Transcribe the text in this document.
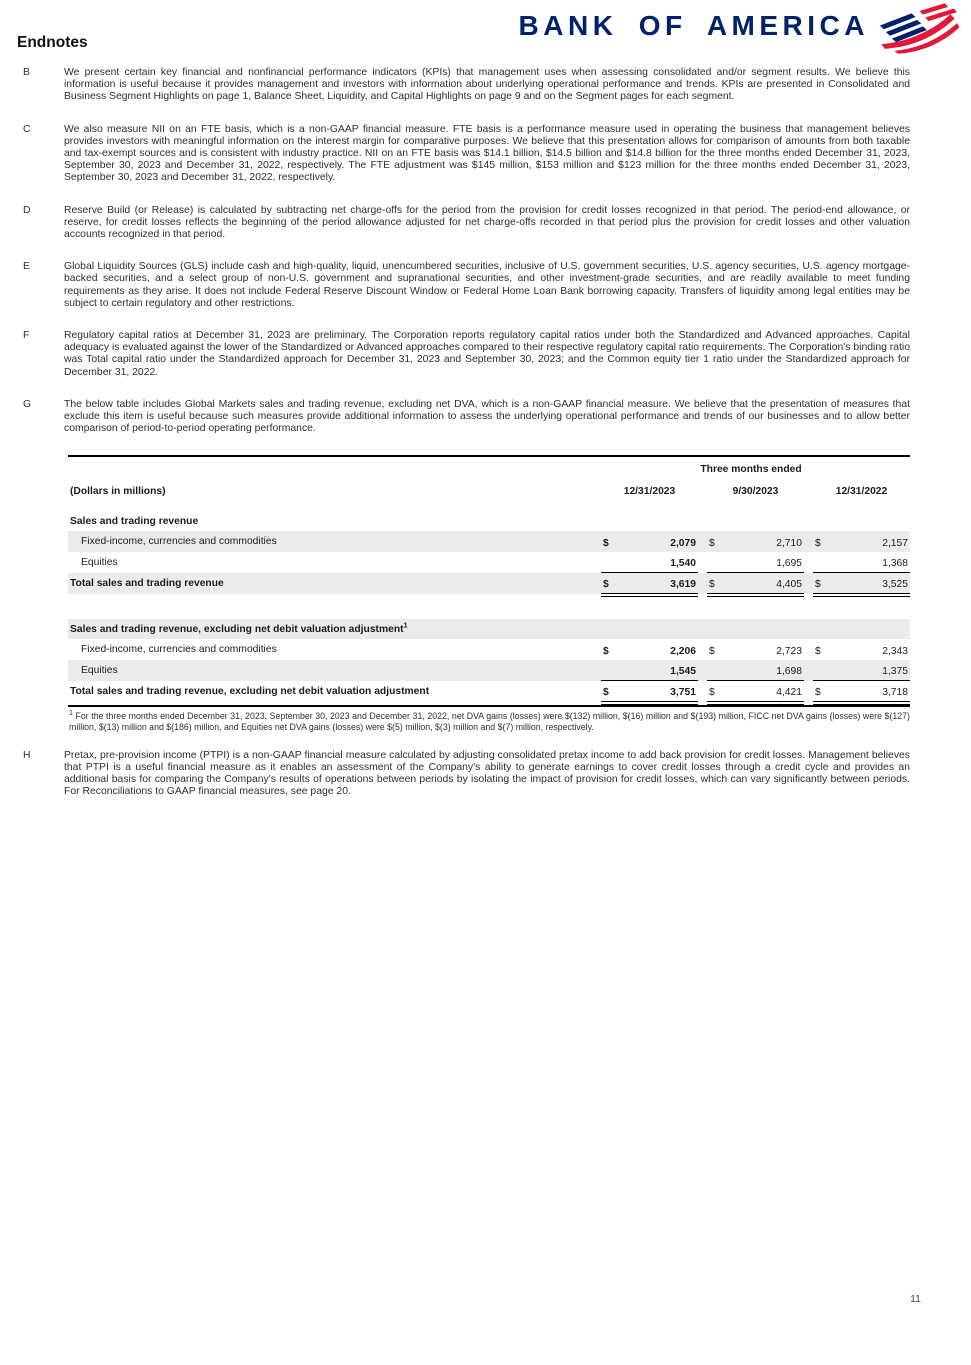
BANK OF AMERICA
Endnotes
B	We present certain key financial and nonfinancial performance indicators (KPIs) that management uses when assessing consolidated and/or segment results. We believe this information is useful because it provides management and investors with information about underlying operational performance and trends. KPIs are presented in Consolidated and Business Segment Highlights on page 1, Balance Sheet, Liquidity, and Capital Highlights on page 9 and on the Segment pages for each segment.
C	We also measure NII on an FTE basis, which is a non-GAAP financial measure. FTE basis is a performance measure used in operating the business that management believes provides investors with meaningful information on the interest margin for comparative purposes. We believe that this presentation allows for comparison of amounts from both taxable and tax-exempt sources and is consistent with industry practice. NII on an FTE basis was $14.1 billion, $14.5 billion and $14.8 billion for the three months ended December 31, 2023, September 30, 2023 and December 31, 2022, respectively. The FTE adjustment was $145 million, $153 million and $123 million for the three months ended December 31, 2023, September 30, 2023 and December 31, 2022, respectively.
D	Reserve Build (or Release) is calculated by subtracting net charge-offs for the period from the provision for credit losses recognized in that period. The period-end allowance, or reserve, for credit losses reflects the beginning of the period allowance adjusted for net charge-offs recorded in that period plus the provision for credit losses and other valuation accounts recognized in that period.
E	Global Liquidity Sources (GLS) include cash and high-quality, liquid, unencumbered securities, inclusive of U.S. government securities, U.S. agency securities, U.S. agency mortgage-backed securities, and a select group of non-U.S. government and supranational securities, and other investment-grade securities, and are readily available to meet funding requirements as they arise. It does not include Federal Reserve Discount Window or Federal Home Loan Bank borrowing capacity. Transfers of liquidity among legal entities may be subject to certain regulatory and other restrictions.
F	Regulatory capital ratios at December 31, 2023 are preliminary. The Corporation reports regulatory capital ratios under both the Standardized and Advanced approaches. Capital adequacy is evaluated against the lower of the Standardized or Advanced approaches compared to their respective regulatory capital ratio requirements. The Corporation's binding ratio was Total capital ratio under the Standardized approach for December 31, 2023 and September 30, 2023; and the Common equity tier 1 ratio under the Standardized approach for December 31, 2022.
G	The below table includes Global Markets sales and trading revenue, excluding net DVA, which is a non-GAAP financial measure. We believe that the presentation of measures that exclude this item is useful because such measures provide additional information to assess the underlying operational performance and trends of our businesses and to allow better comparison of period-to-period operating performance.
Three months ended
(Dollars in millions)	12/31/2023	9/30/2023	12/31/2022
Sales and trading revenue
Fixed-income, currencies and commodities	$	2,079 $	2,710 $	2,157
Equities	1,540	1,695	1,368
Total sales and trading revenue	$	3,619 $	4,405 $	3,525
Sales and trading revenue, excluding net debit valuation adjustment$^1$
Fixed-income, currencies and commodities	$	2,206 $	2,723 $	2,343
Equities	1,545	1,698	1,375
Total sales and trading revenue, excluding net debit valuation adjustment	$	3,751 $	4,421 $	3,718
$^1$ For the three months ended December 31, 2023, September 30, 2023 and December 31, 2022, net DVA gains (losses) were $(132) million, $(16) million and $(193) million, FICC net DVA gains (losses) were $(127) million, $(13) million and $(186) million, and Equities net DVA gains (losses) were $(5) million, $(3) million and $(7) million, respectively.
H	Pretax, pre-provision income (PTPI) is a non-GAAP financial measure calculated by adjusting consolidated pretax income to add back provision for credit losses. Management believes that PTPI is a useful financial measure as it enables an assessment of the Company's ability to generate earnings to cover credit losses through a credit cycle and provides an additional basis for comparing the Company's results of operations between periods by isolating the impact of provision for credit losses, which can vary significantly between periods. For Reconciliations to GAAP financial measures, see page 20.
11
